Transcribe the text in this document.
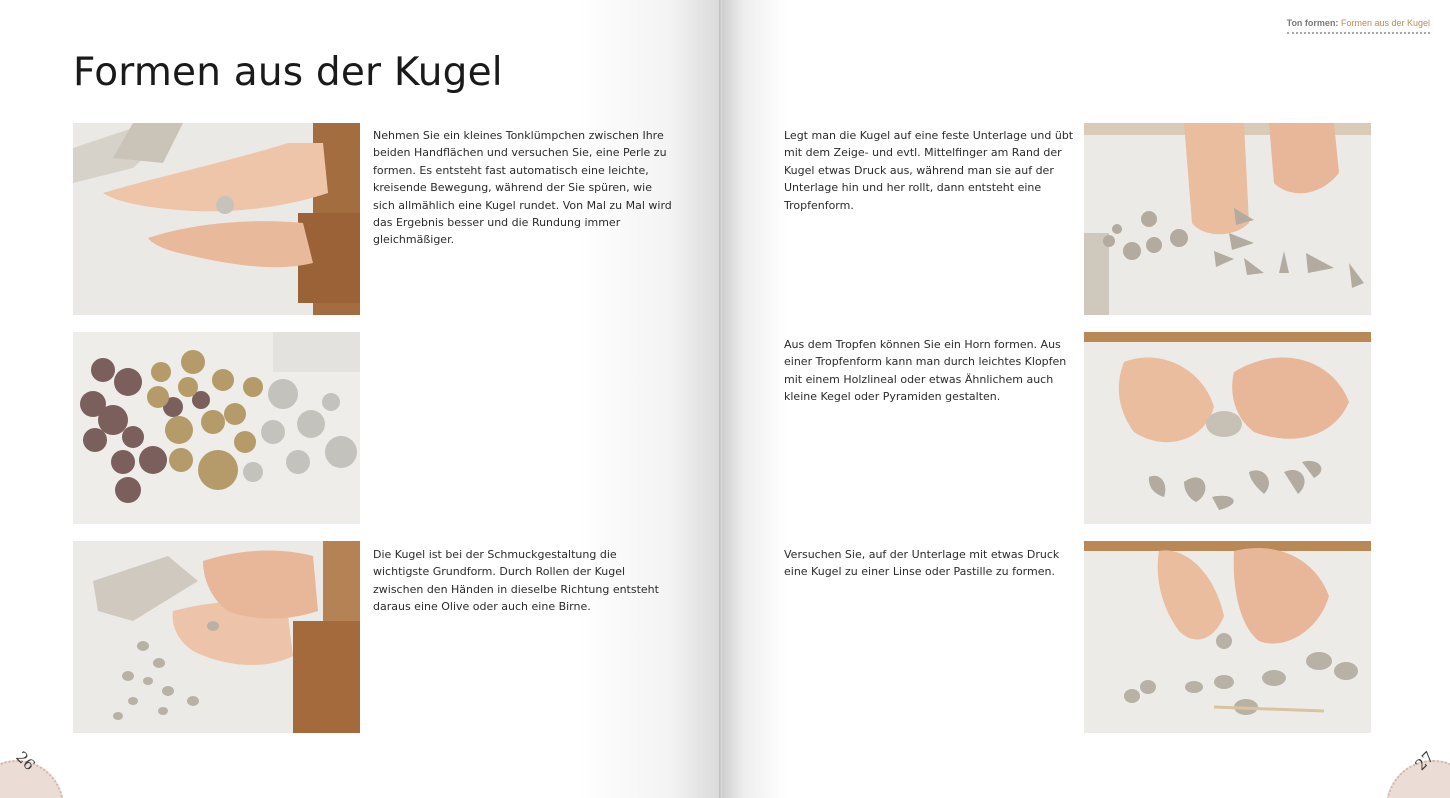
Formen aus der Kugel

Nehmen Sie ein kleines Tonklümpchen zwischen Ihre beiden Handflächen und versuchen Sie, eine Perle zu formen. Es entsteht fast automatisch eine leichte, kreisende Bewegung, während der Sie spüren, wie sich allmählich eine Kugel rundet. Von Mal zu Mal wird das Ergebnis besser und die Rundung immer gleichmäßiger.

Die Kugel ist bei der Schmuckgestaltung die wichtigste Grundform. Durch Rollen der Kugel zwischen den Händen in dieselbe Richtung entsteht daraus eine Olive oder auch eine Birne.

26
Ton formen: Formen aus der Kugel

Legt man die Kugel auf eine feste Unterlage und übt mit dem Zeige- und evtl. Mittelfinger am Rand der Kugel etwas Druck aus, während man sie auf der Unterlage hin und her rollt, dann entsteht eine Tropfenform.

Aus dem Tropfen können Sie ein Horn formen. Aus einer Tropfenform kann man durch leichtes Klopfen mit einem Holzlineal oder etwas Ähnlichem auch kleine Kegel oder Pyramiden gestalten.

Versuchen Sie, auf der Unterlage mit etwas Druck eine Kugel zu einer Linse oder Pastille zu formen.

27
